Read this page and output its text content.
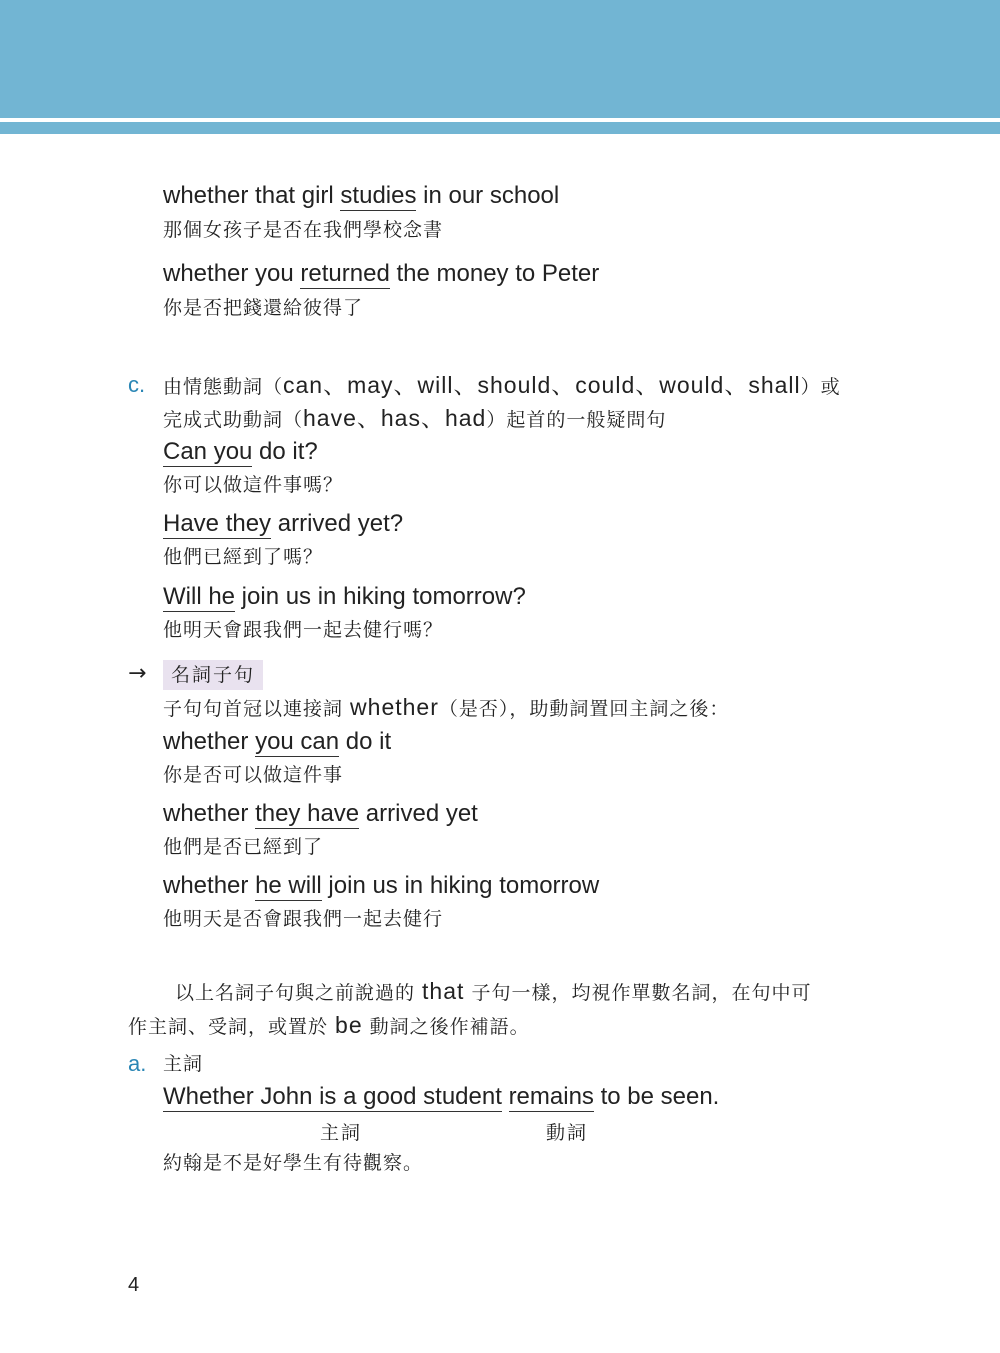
whether that girl studies in our school
那個女孩子是否在我們學校念書
whether you returned the money to Peter
你是否把錢還給彼得了
c. 由情態動詞（can、may、will、should、could、would、shall）或
完成式助動詞（have、has、had）起首的一般疑問句
Can you do it?
你可以做這件事嗎？
Have they arrived yet?
他們已經到了嗎？
Will he join us in hiking tomorrow?
他明天會跟我們一起去健行嗎？
→	名詞子句
子句句首冠以連接詞 whether（是否），助動詞置回主詞之後：
whether you can do it
你是否可以做這件事
whether they have arrived yet
他們是否已經到了
whether he will join us in hiking tomorrow
他明天是否會跟我們一起去健行
以上名詞子句與之前說過的 that 子句一樣，均視作單數名詞，在句中可
作主詞、受詞，或置於 be 動詞之後作補語。
a. 主詞
Whether John is a good student remains to be seen.
主詞	動詞
約翰是不是好學生有待觀察。
4
